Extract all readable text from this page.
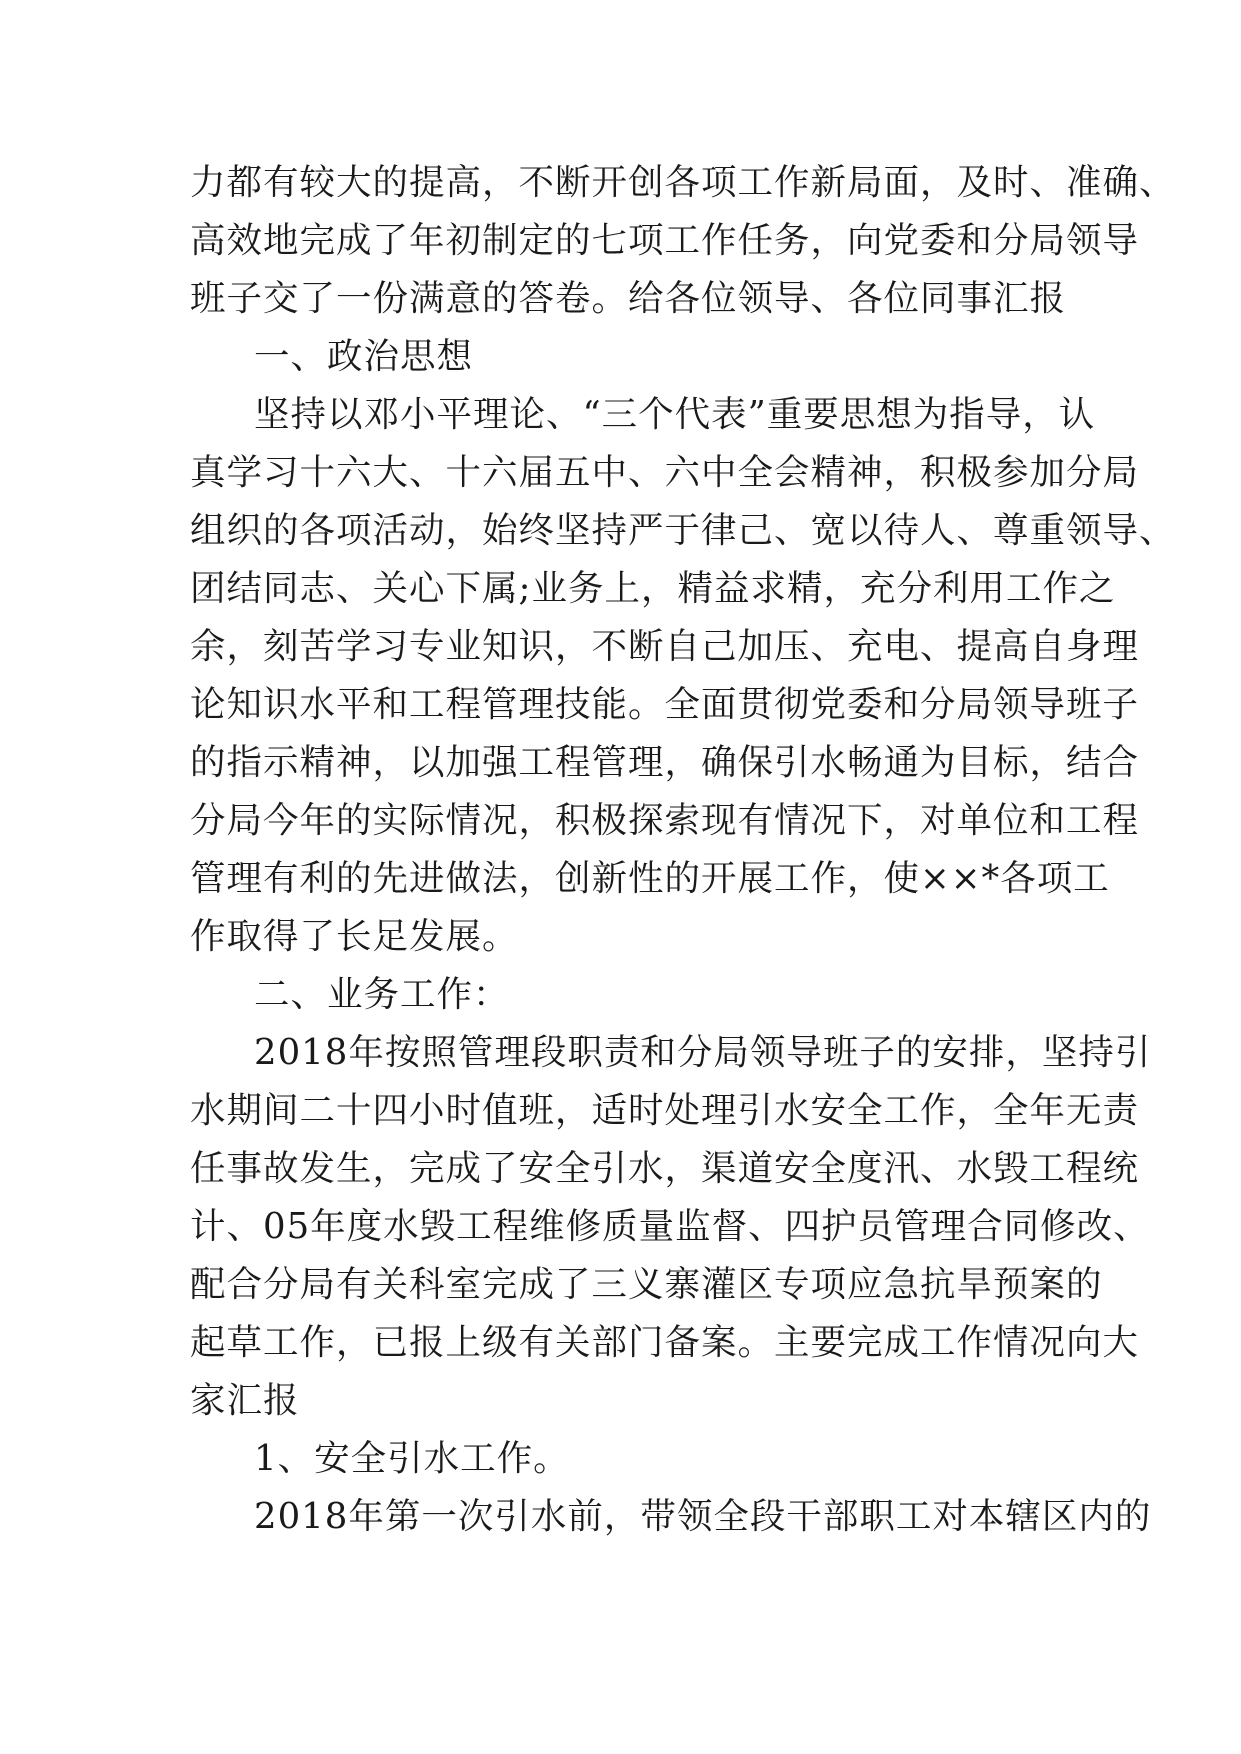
力都有较大的提高，不断开创各项工作新局面，及时、准确、
高效地完成了年初制定的七项工作任务，向党委和分局领导
班子交了一份满意的答卷。给各位领导、各位同事汇报
一、政治思想
坚持以邓小平理论、“三个代表”重要思想为指导，认
真学习十六大、十六届五中、六中全会精神，积极参加分局
组织的各项活动，始终坚持严于律己、宽以待人、尊重领导、
团结同志、关心下属;业务上，精益求精，充分利用工作之
余，刻苦学习专业知识，不断自己加压、充电、提高自身理
论知识水平和工程管理技能。全面贯彻党委和分局领导班子
的指示精神，以加强工程管理，确保引水畅通为目标，结合
分局今年的实际情况，积极探索现有情况下，对单位和工程
管理有利的先进做法，创新性的开展工作，使××*各项工
作取得了长足发展。
二、业务工作：
2018年按照管理段职责和分局领导班子的安排，坚持引
水期间二十四小时值班，适时处理引水安全工作，全年无责
任事故发生，完成了安全引水，渠道安全度汛、水毁工程统
计、05年度水毁工程维修质量监督、四护员管理合同修改、
配合分局有关科室完成了三义寨灌区专项应急抗旱预案的
起草工作，已报上级有关部门备案。主要完成工作情况向大
家汇报
1、安全引水工作。
2018年第一次引水前，带领全段干部职工对本辖区内的
